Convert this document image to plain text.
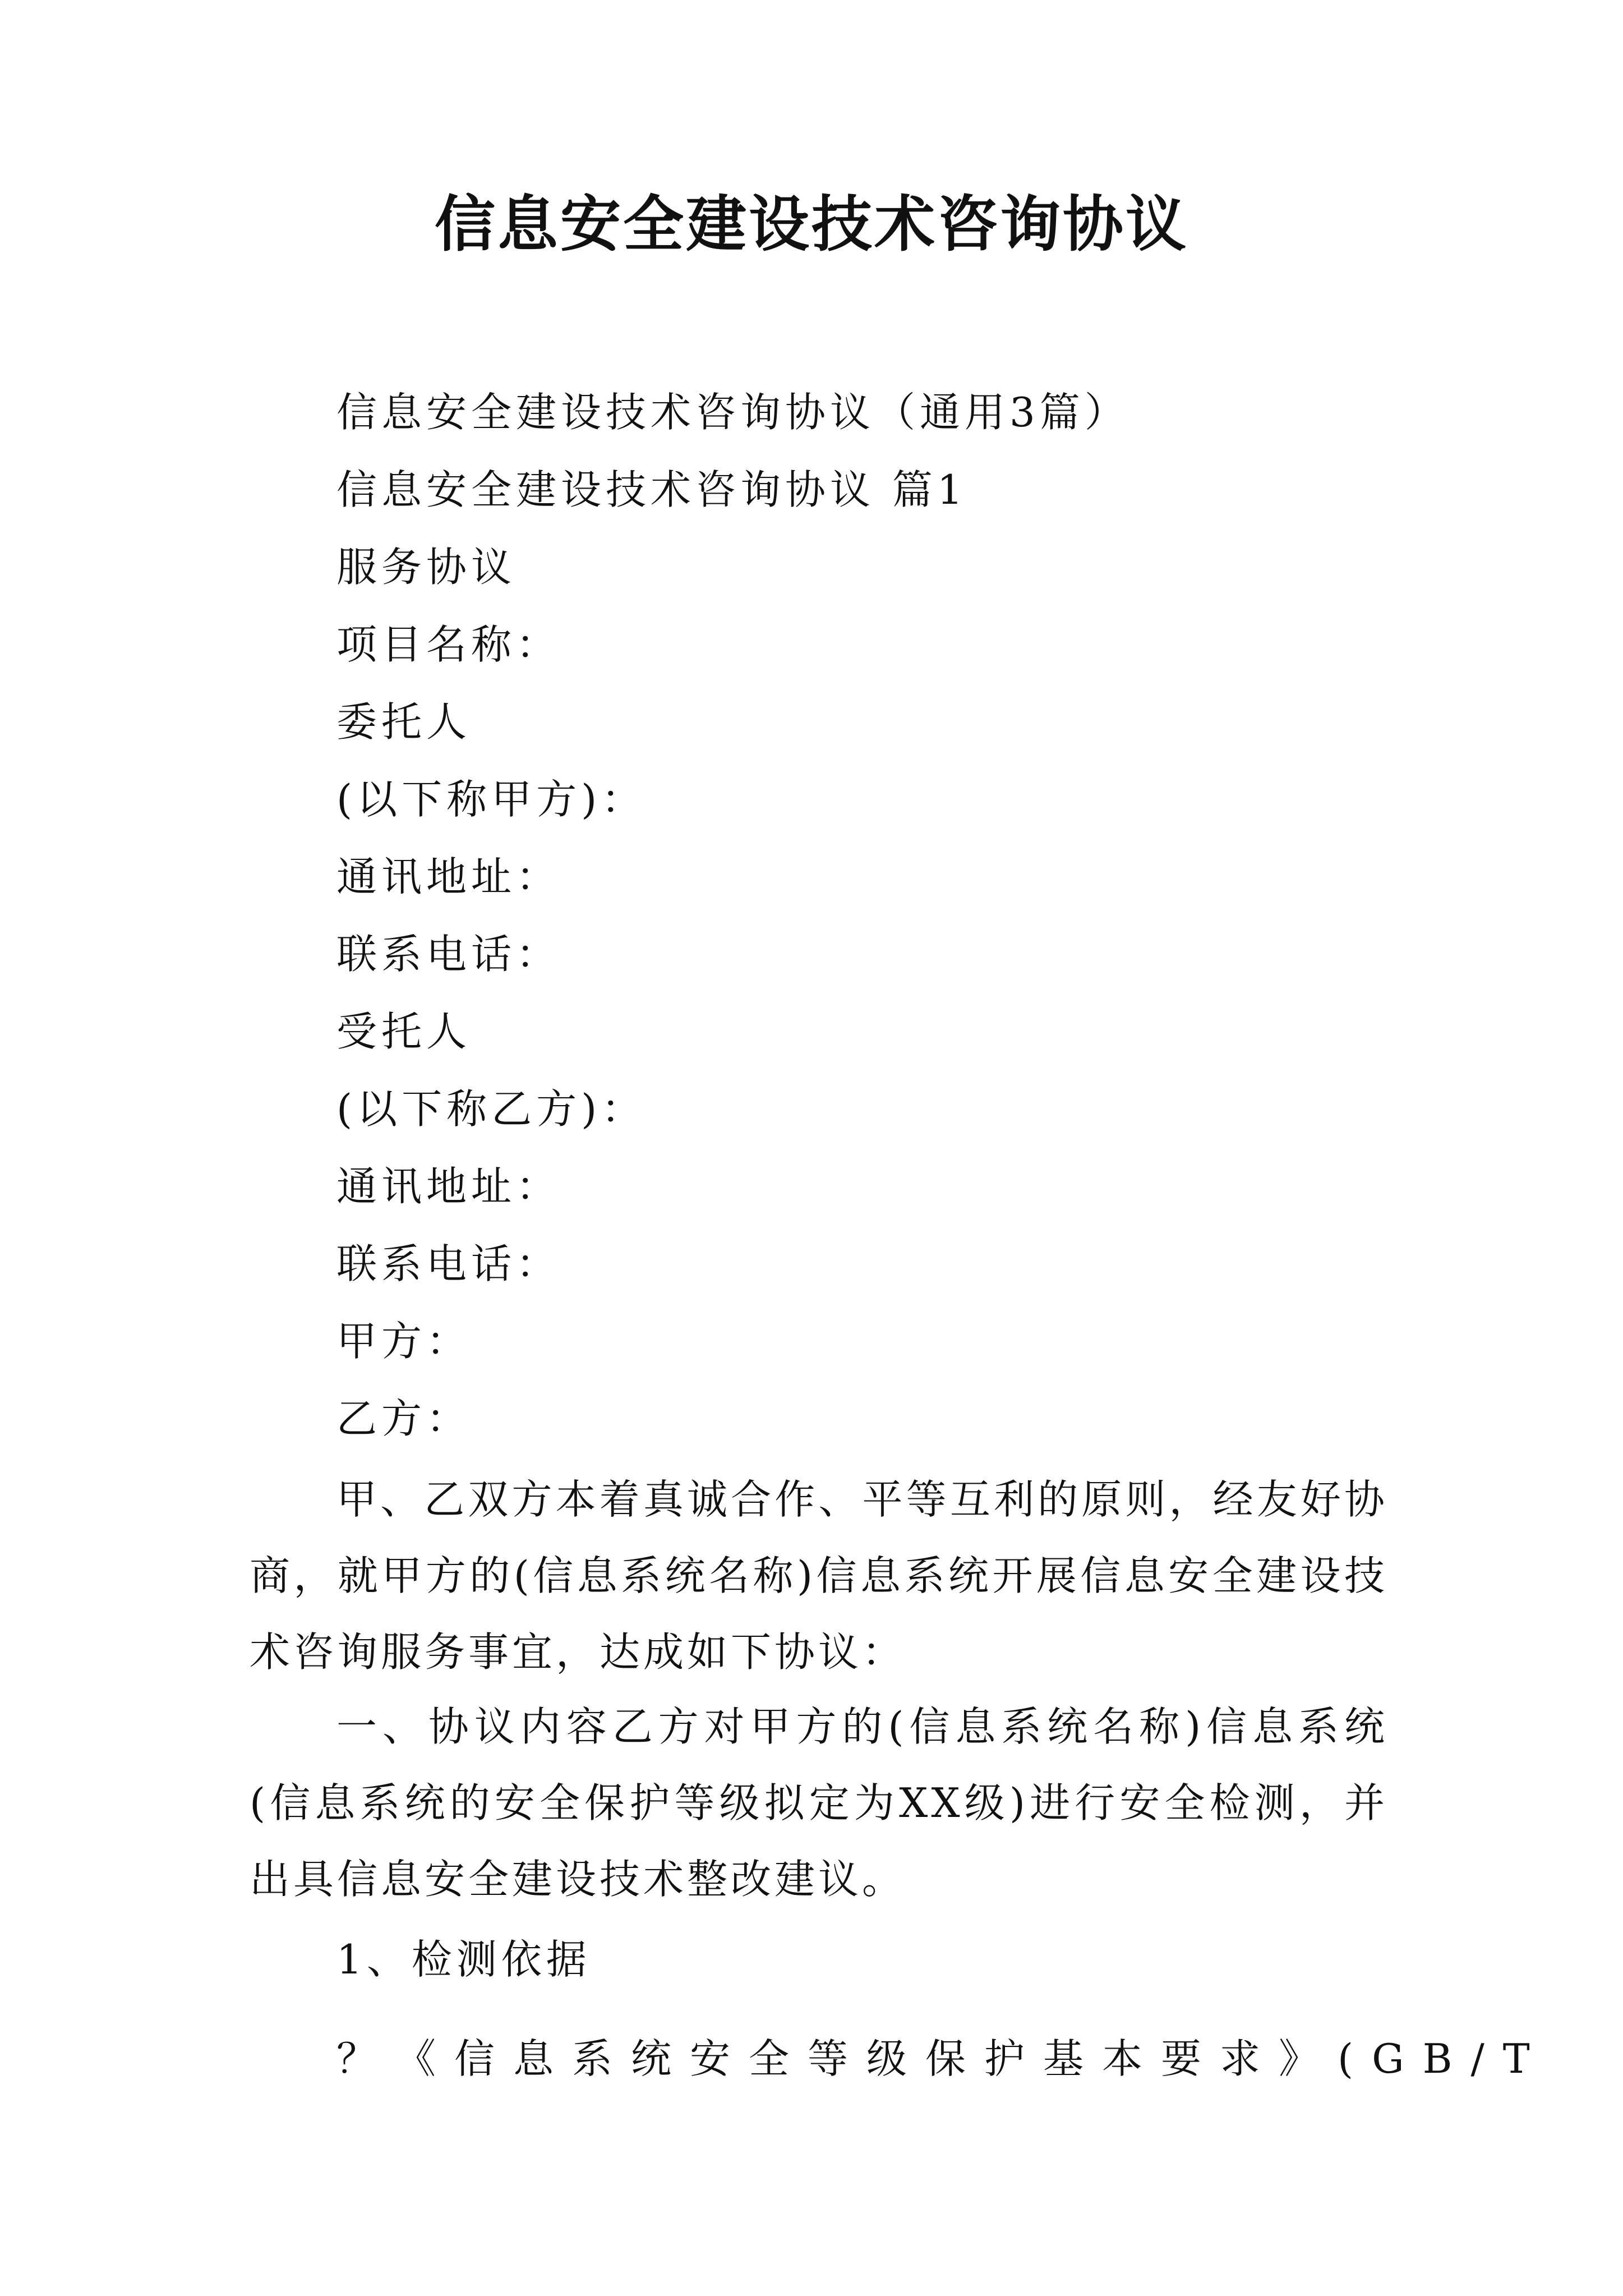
信息安全建设技术咨询协议

信息安全建设技术咨询协议（通用3篇）

信息安全建设技术咨询协议 篇1

服务协议

项目名称：

委托人

(以下称甲方)：

通讯地址：

联系电话：

受托人

(以下称乙方)：

通讯地址：

联系电话：

甲方：

乙方：

甲、乙双方本着真诚合作、平等互利的原则，经友好协商，就甲方的(信息系统名称)信息系统开展信息安全建设技术咨询服务事宜，达成如下协议：

一、协议内容乙方对甲方的(信息系统名称)信息系统(信息系统的安全保护等级拟定为XX级)进行安全检测，并出具信息安全建设技术整改建议。

1、检测依据

？《信息系统安全等级保护基本要求》(GB/T
